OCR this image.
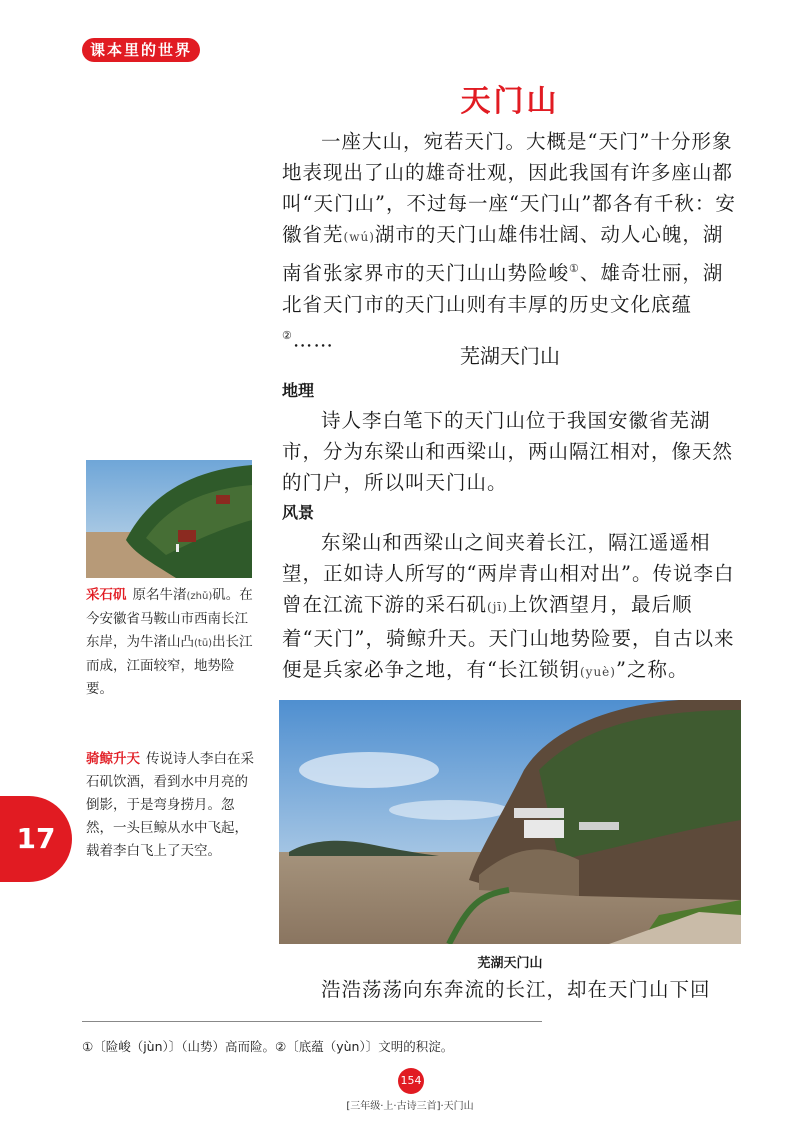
课本里的世界
天门山

一座大山，宛若天门。大概是“天门”十分形象地表现出了山的雄奇壮观，因此我国有许多座山都叫“天门山”，不过每一座“天门山”都各有千秋：安徽省芜(wú)湖市的天门山雄伟壮阔、动人心魄，湖南省张家界市的天门山山势险峻①、雄奇壮丽，湖北省天门市的天门山则有丰厚的历史文化底蕴②……

芜湖天门山
地理

诗人李白笔下的天门山位于我国安徽省芜湖市，分为东梁山和西梁山，两山隔江相对，像天然的门户，所以叫天门山。

风景

东梁山和西梁山之间夹着长江，隔江遥遥相望，正如诗人所写的“两岸青山相对出”。传说李白曾在江流下游的采石矶(jī)上饮酒望月，最后顺着“天门”，骑鲸升天。天门山地势险要，自古以来便是兵家必争之地，有“长江锁钥(yuè)”之称。

采石矶 原名牛渚(zhǔ)矶。在今安徽省马鞍山市西南长江东岸，为牛渚山凸(tū)出长江而成，江面较窄，地势险要。
骑鲸升天 传说诗人李白在采石矶饮酒，看到水中月亮的倒影，于是弯身捞月。忽然，一头巨鲸从水中飞起，载着李白飞上了天空。
17
芜湖天门山
浩浩荡荡向东奔流的长江，却在天门山下回
①〔险峻（jùn）〕（山势）高而险。②〔底蕴（yùn）〕文明的积淀。
154
[三年级·上·古诗三首]·天门山
